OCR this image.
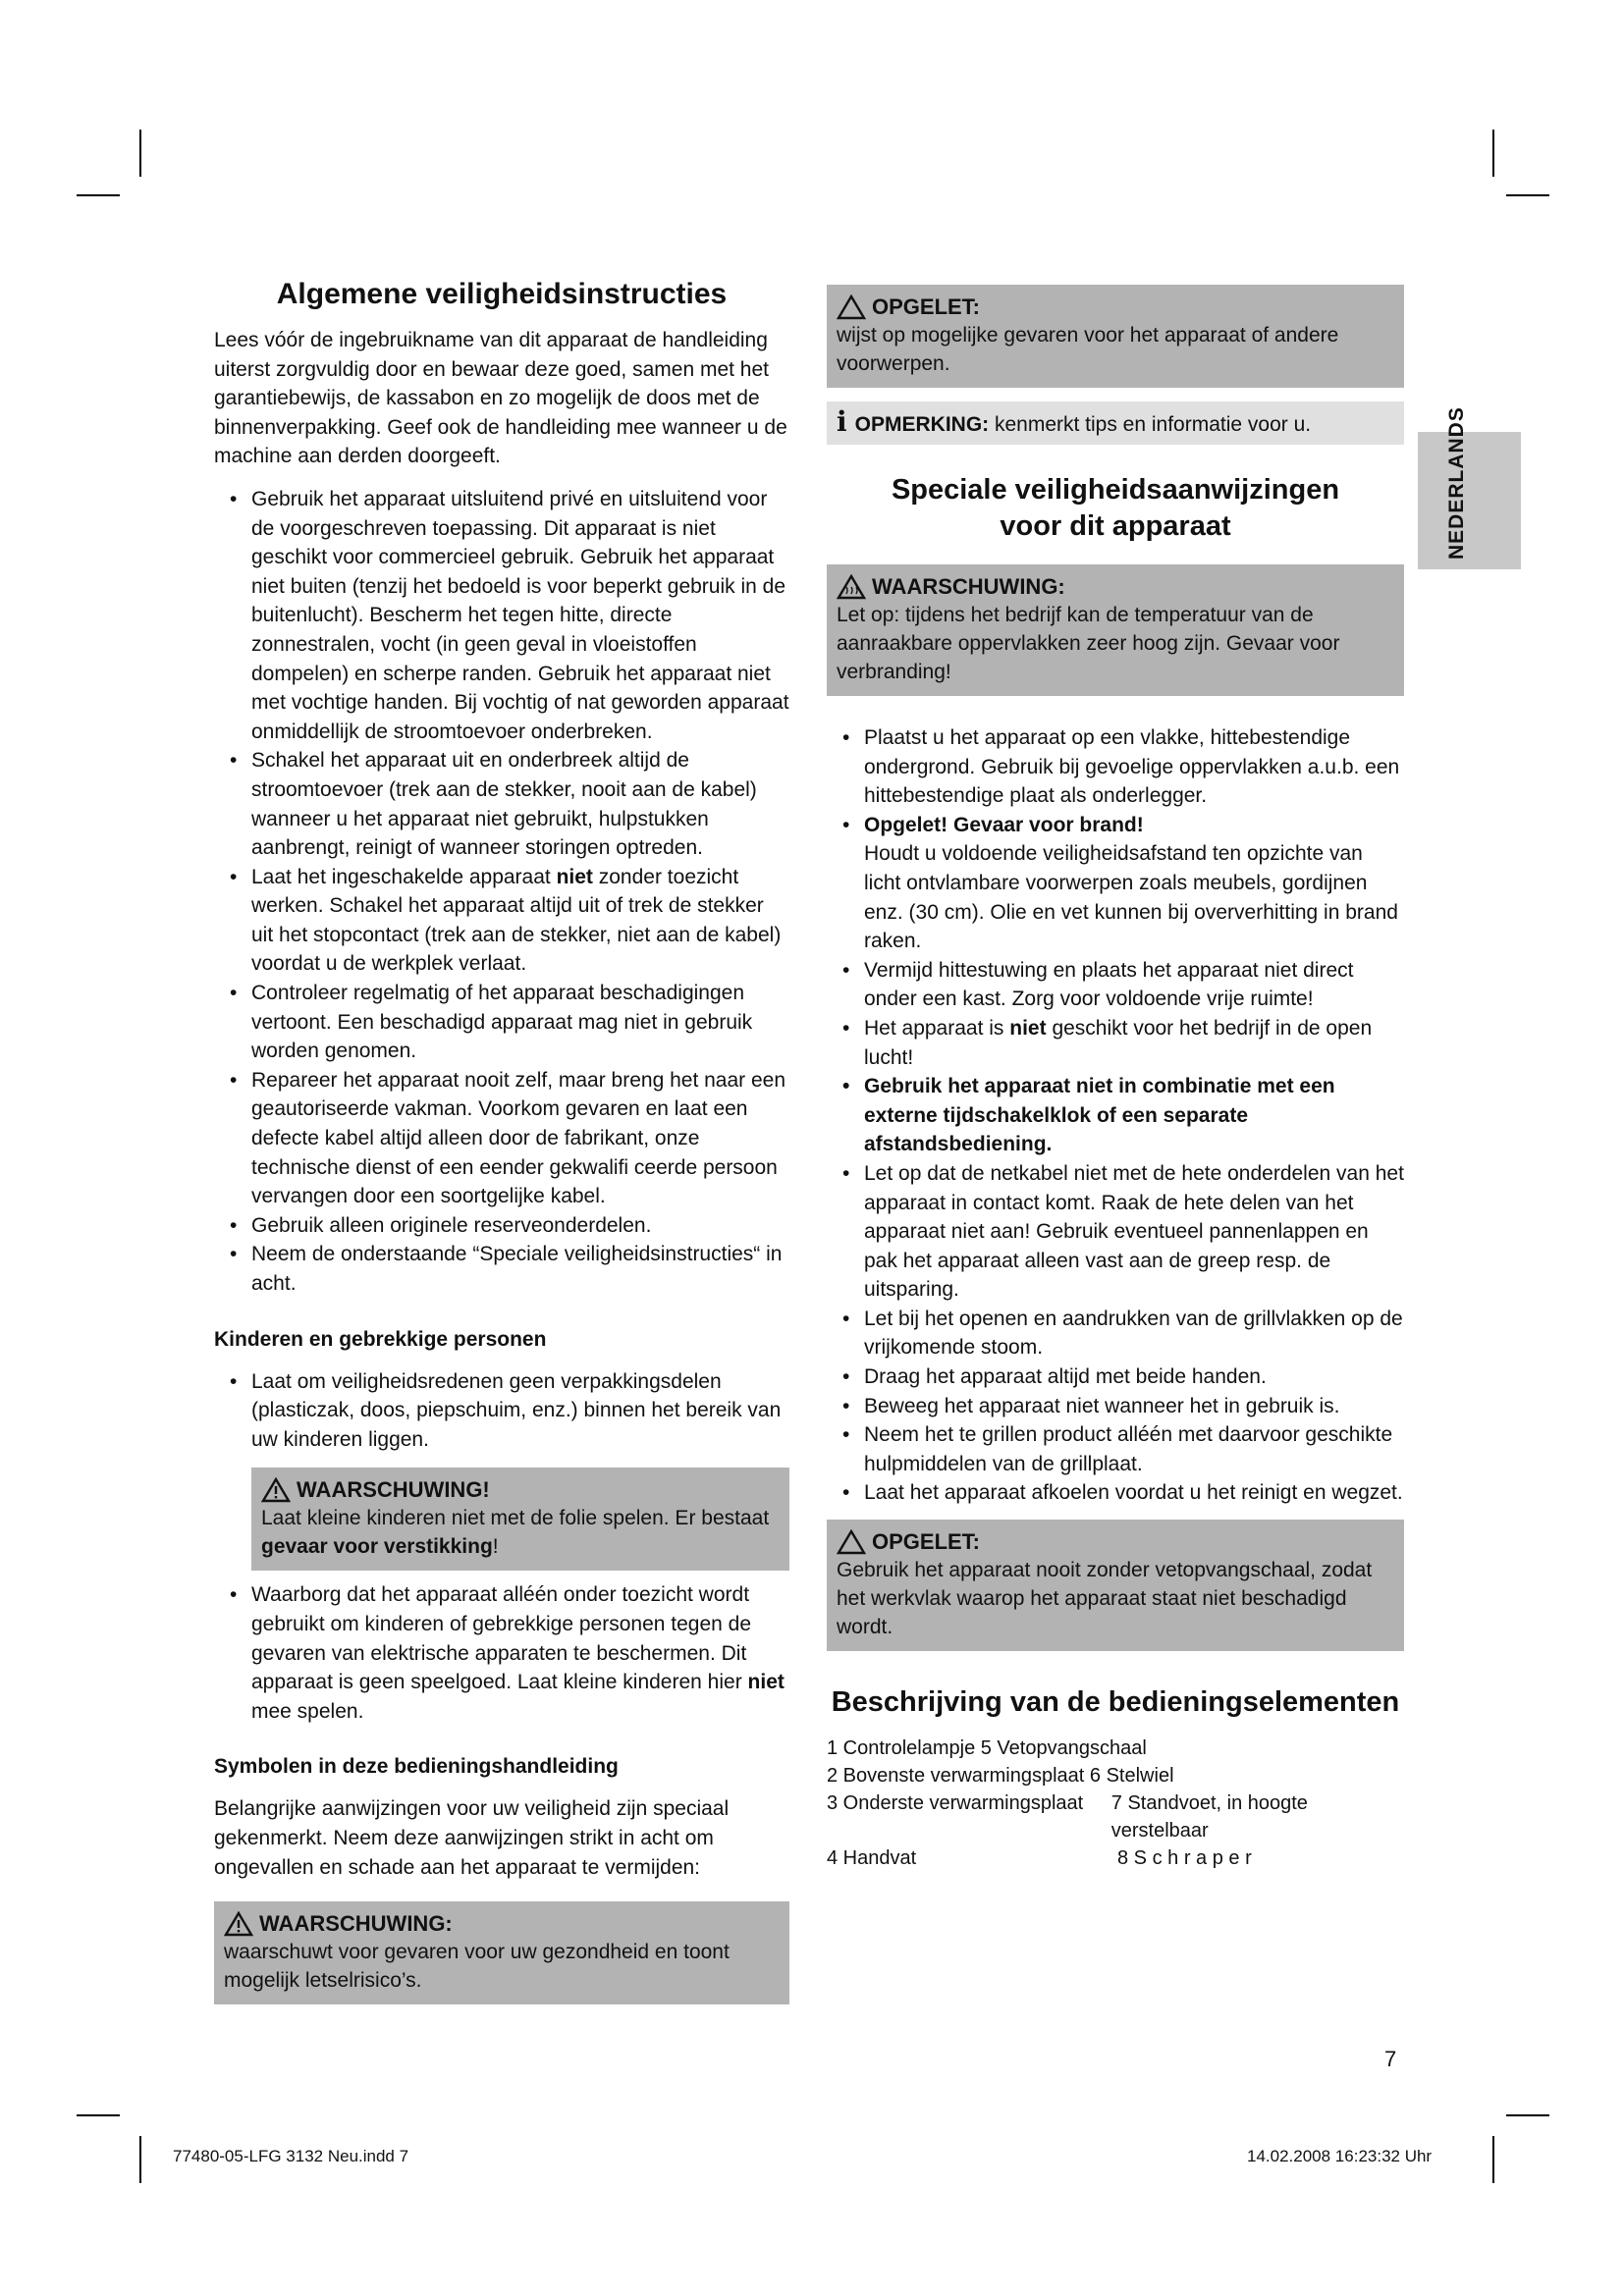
Algemene veiligheidsinstructies

Lees vóór de ingebruikname van dit apparaat de handleiding uiterst zorgvuldig door en bewaar deze goed, samen met het garantiebewijs, de kassabon en zo mogelijk de doos met de binnenverpakking. Geef ook de handleiding mee wanneer u de machine aan derden doorgeeft.

• Gebruik het apparaat uitsluitend privé en uitsluitend voor de voorgeschreven toepassing. Dit apparaat is niet geschikt voor commercieel gebruik. Gebruik het apparaat niet buiten (tenzij het bedoeld is voor beperkt gebruik in de buitenlucht). Bescherm het tegen hitte, directe zonnestralen, vocht (in geen geval in vloeistoffen dompelen) en scherpe randen. Gebruik het apparaat niet met vochtige handen. Bij vochtig of nat geworden apparaat onmiddellijk de stroomtoevoer onderbreken.
• Schakel het apparaat uit en onderbreek altijd de stroomtoevoer (trek aan de stekker, nooit aan de kabel) wanneer u het apparaat niet gebruikt, hulpstukken aanbrengt, reinigt of wanneer storingen optreden.
• Laat het ingeschakelde apparaat niet zonder toezicht werken. Schakel het apparaat altijd uit of trek de stekker uit het stopcontact (trek aan de stekker, niet aan de kabel) voordat u de werkplek verlaat.
• Controleer regelmatig of het apparaat beschadigingen vertoont. Een beschadigd apparaat mag niet in gebruik worden genomen.
• Repareer het apparaat nooit zelf, maar breng het naar een geautoriseerde vakman. Voorkom gevaren en laat een defecte kabel altijd alleen door de fabrikant, onze technische dienst of een eender gekwalifi ceerde persoon vervangen door een soortgelijke kabel.
• Gebruik alleen originele reserveonderdelen.
• Neem de onderstaande “Speciale veiligheidsinstructies“ in acht.
Kinderen en gebrekkige personen
• Laat om veiligheidsredenen geen verpakkingsdelen (plasticzak, doos, piepschuim, enz.) binnen het bereik van uw kinderen liggen.
WAARSCHUWING!
Laat kleine kinderen niet met de folie spelen. Er bestaat gevaar voor verstikking!
• Waarborg dat het apparaat alléén onder toezicht wordt gebruikt om kinderen of gebrekkige personen tegen de gevaren van elektrische apparaten te beschermen. Dit apparaat is geen speelgoed. Laat kleine kinderen hier niet mee spelen.
Symbolen in deze bedieningshandleiding

Belangrijke aanwijzingen voor uw veiligheid zijn speciaal gekenmerkt. Neem deze aanwijzingen strikt in acht om ongevallen en schade aan het apparaat te vermijden:

WAARSCHUWING:
waarschuwt voor gevaren voor uw gezondheid en toont mogelijk letselrisico’s.
OPGELET:
wijst op mogelijke gevaren voor het apparaat of andere voorwerpen.
i OPMERKING: kenmerkt tips en informatie voor u.
Speciale veiligheidsaanwijzingen
voor dit apparaat
WAARSCHUWING:
Let op: tijdens het bedrijf kan de temperatuur van de aanraakbare oppervlakken zeer hoog zijn. Gevaar voor verbranding!
• Plaatst u het apparaat op een vlakke, hittebestendige ondergrond. Gebruik bij gevoelige oppervlakken a.u.b. een hittebestendige plaat als onderlegger.
• Opgelet! Gevaar voor brand!
Houdt u voldoende veiligheidsafstand ten opzichte van licht ontvlambare voorwerpen zoals meubels, gordijnen enz. (30 cm). Olie en vet kunnen bij oververhitting in brand raken.
• Vermijd hittestuwing en plaats het apparaat niet direct onder een kast. Zorg voor voldoende vrije ruimte!
• Het apparaat is niet geschikt voor het bedrijf in de open lucht!
• Gebruik het apparaat niet in combinatie met een externe tijdschakelklok of een separate afstandsbediening.
• Let op dat de netkabel niet met de hete onderdelen van het apparaat in contact komt. Raak de hete delen van het apparaat niet aan! Gebruik eventueel pannenlappen en pak het apparaat alleen vast aan de greep resp. de uitsparing.
• Let bij het openen en aandrukken van de grillvlakken op de vrijkomende stoom.
• Draag het apparaat altijd met beide handen.
• Beweeg het apparaat niet wanneer het in gebruik is.
• Neem het te grillen product alléén met daarvoor geschikte hulpmiddelen van de grillplaat.
• Laat het apparaat afkoelen voordat u het reinigt en wegzet.
OPGELET:
Gebruik het apparaat nooit zonder vetopvangschaal, zodat het werkvlak waarop het apparaat staat niet beschadigd wordt.
Beschrijving van de bedieningselementen
1 Controlelampje 5 Vetopvangschaal
2 Bovenste verwarmingsplaat 6 Stelwiel
3 Onderste verwarmingsplaat	7 Standvoet, in hoogte verstelbaar
4 Handvat	8 S c h r a p e r
NEDERLANDS
7
77480-05-LFG 3132 Neu.indd 7	14.02.2008 16:23:32 Uhr
